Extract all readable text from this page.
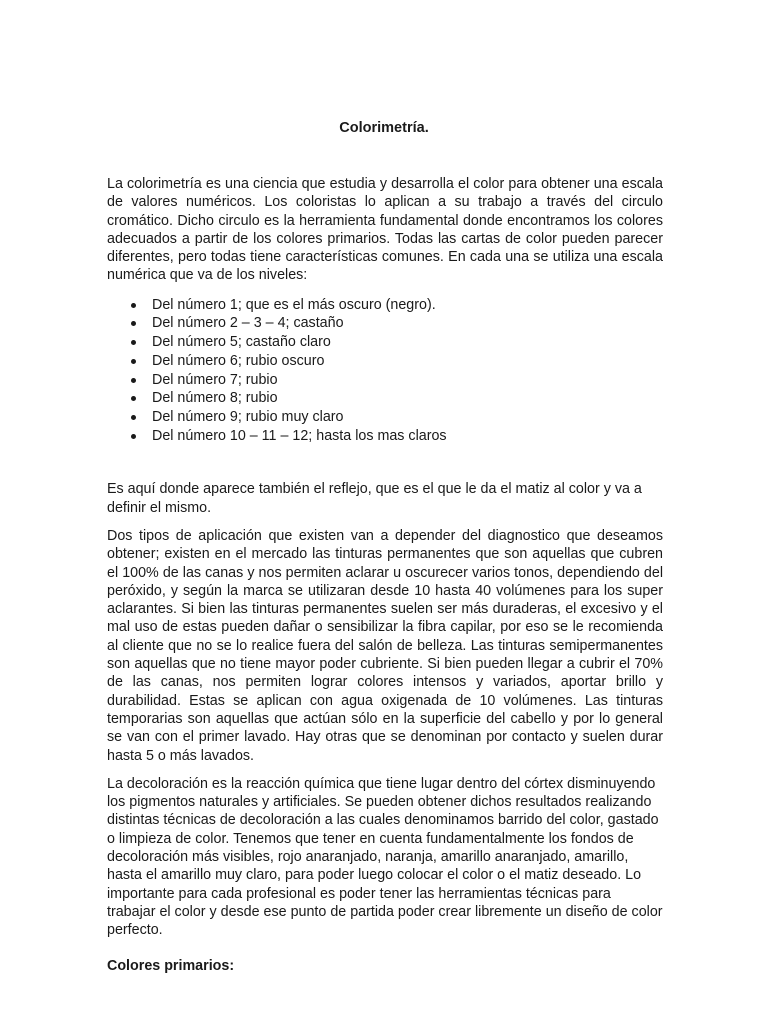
Colorimetría.

La colorimetría es una ciencia que estudia y desarrolla el color para obtener una escala de valores numéricos. Los coloristas lo aplican a su trabajo a través del circulo cromático. Dicho circulo es la herramienta fundamental donde encontramos los colores adecuados a partir de los colores primarios. Todas las cartas de color pueden parecer diferentes, pero todas tiene características comunes. En cada una se utiliza una escala numérica que va de los niveles:

Del número 1; que es el más oscuro (negro).
Del número 2 – 3 – 4; castaño
Del número 5; castaño claro
Del número 6; rubio oscuro
Del número 7; rubio
Del número 8; rubio
Del número 9; rubio muy claro
Del número 10 – 11 – 12; hasta los mas claros

Es aquí donde aparece también el reflejo, que es el que le da el matiz al color y va a definir el mismo.

Dos tipos de aplicación que existen van a depender del diagnostico que deseamos obtener; existen en el mercado las tinturas permanentes que son aquellas que cubren el 100% de las canas y nos permiten aclarar u oscurecer varios tonos, dependiendo del peróxido, y según la marca se utilizaran desde 10 hasta 40 volúmenes para los super aclarantes. Si bien las tinturas permanentes suelen ser más duraderas, el excesivo y el mal uso de estas pueden dañar o sensibilizar la fibra capilar, por eso se le recomienda al cliente que no se lo realice fuera del salón de belleza. Las tinturas semipermanentes son aquellas que no tiene mayor poder cubriente. Si bien pueden llegar a cubrir el 70% de las canas, nos permiten lograr colores intensos y variados, aportar brillo y durabilidad. Estas se aplican con agua oxigenada de 10 volúmenes. Las tinturas temporarias son aquellas que actúan sólo en la superficie del cabello y por lo general se van con el primer lavado. Hay otras que se denominan por contacto y suelen durar hasta 5 o más lavados.

La decoloración es la reacción química que tiene lugar dentro del córtex disminuyendo los pigmentos naturales y artificiales. Se pueden obtener dichos resultados realizando distintas técnicas de decoloración a las cuales denominamos barrido del color, gastado o limpieza de color. Tenemos que tener en cuenta fundamentalmente los fondos de decoloración más visibles, rojo anaranjado, naranja, amarillo anaranjado, amarillo, hasta el amarillo muy claro, para poder luego colocar el color o el matiz deseado. Lo importante para cada profesional es poder tener las herramientas técnicas para trabajar el color y desde ese punto de partida poder crear libremente un diseño de color perfecto.

Colores primarios:
